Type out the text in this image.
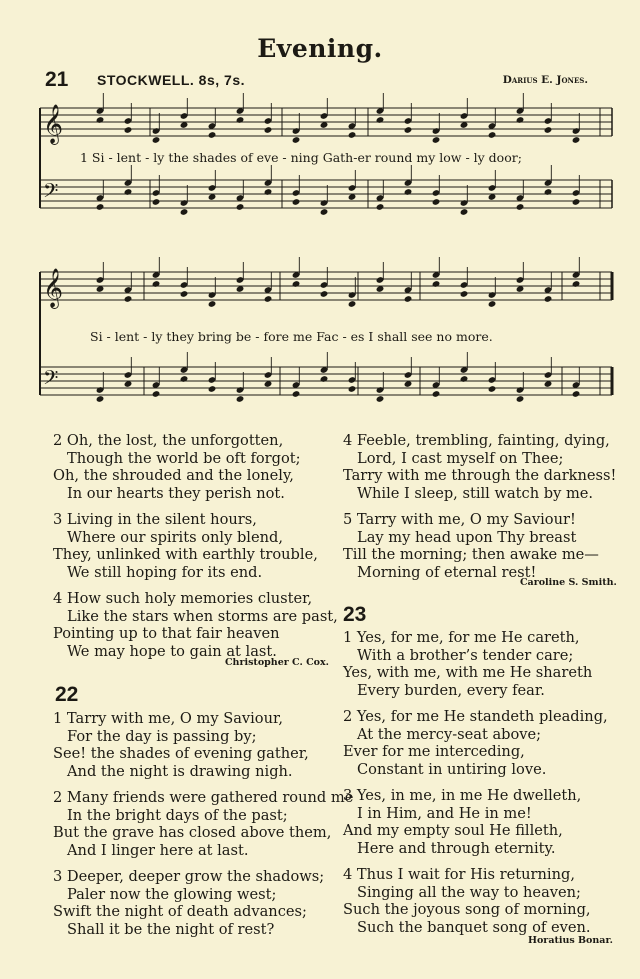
Evening.
21 STOCKWELL. 8s, 7s.	Darius E. Jones.
𝄞
𝄢
𝄞
𝄢
1 Si - lent - ly the shades of eve - ning Gath-er round my low - ly door;
Si - lent - ly they bring be - fore me Fac - es I shall see no more.
2 Oh, the lost, the unforgotten,
Though the world be oft forgot;
Oh, the shrouded and the lonely,
In our hearts they perish not.
3 Living in the silent hours,
Where our spirits only blend,
They, unlinked with earthly trouble,
We still hoping for its end.
4 How such holy memories cluster,
Like the stars when storms are past,
Pointing up to that fair heaven
We may hope to gain at last.
Christopher C. Cox.
22
1 Tarry with me, O my Saviour,
For the day is passing by;
See! the shades of evening gather,
And the night is drawing nigh.
2 Many friends were gathered round me
In the bright days of the past;
But the grave has closed above them,
And I linger here at last.
3 Deeper, deeper grow the shadows;
Paler now the glowing west;
Swift the night of death advances;
Shall it be the night of rest?
4 Feeble, trembling, fainting, dying,
Lord, I cast myself on Thee;
Tarry with me through the darkness!
While I sleep, still watch by me.
5 Tarry with me, O my Saviour!
Lay my head upon Thy breast
Till the morning; then awake me—
Morning of eternal rest!
Caroline S. Smith.
23
1 Yes, for me, for me He careth,
With a brother’s tender care;
Yes, with me, with me He shareth
Every burden, every fear.
2 Yes, for me He standeth pleading,
At the mercy-seat above;
Ever for me interceding,
Constant in untiring love.
3 Yes, in me, in me He dwelleth,
I in Him, and He in me!
And my empty soul He filleth,
Here and through eternity.
4 Thus I wait for His returning,
Singing all the way to heaven;
Such the joyous song of morning,
Such the banquet song of even.
Horatius Bonar.
